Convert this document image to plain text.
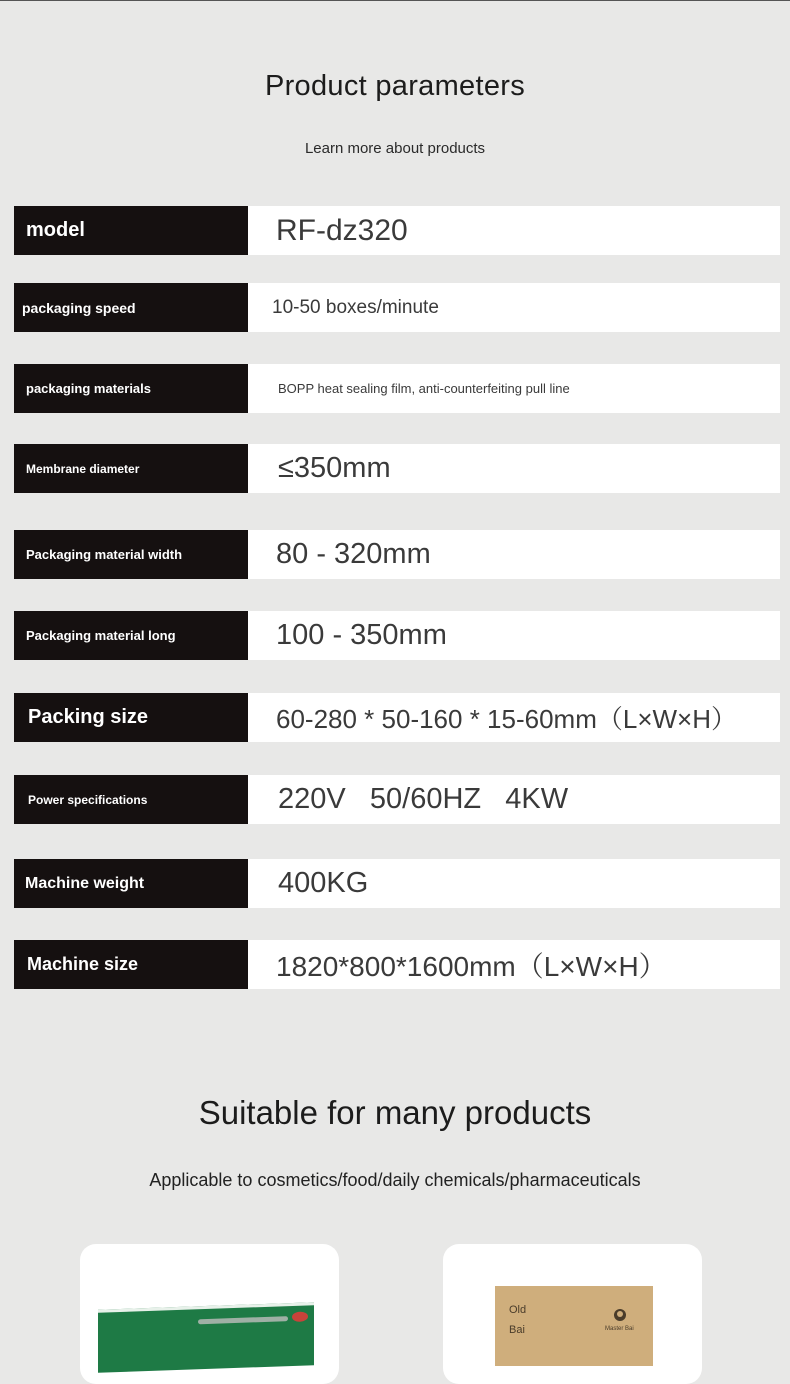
Product parameters
Learn more about products
model	RF-dz320
packaging speed	10-50 boxes/minute
packaging materials	BOPP heat sealing film, anti-counterfeiting pull line
Membrane diameter	≤350mm
Packaging material width	80 - 320mm
Packaging material long	100 - 350mm
Packing size	60-280 * 50-160 * 15-60mm（L×W×H）
Power specifications	220V   50/60HZ   4KW
Machine weight	400KG
Machine size	1820*800*1600mm（L×W×H）
Suitable for many products
Applicable to cosmetics/food/daily chemicals/pharmaceuticals
Old
Bai	Master Bai
